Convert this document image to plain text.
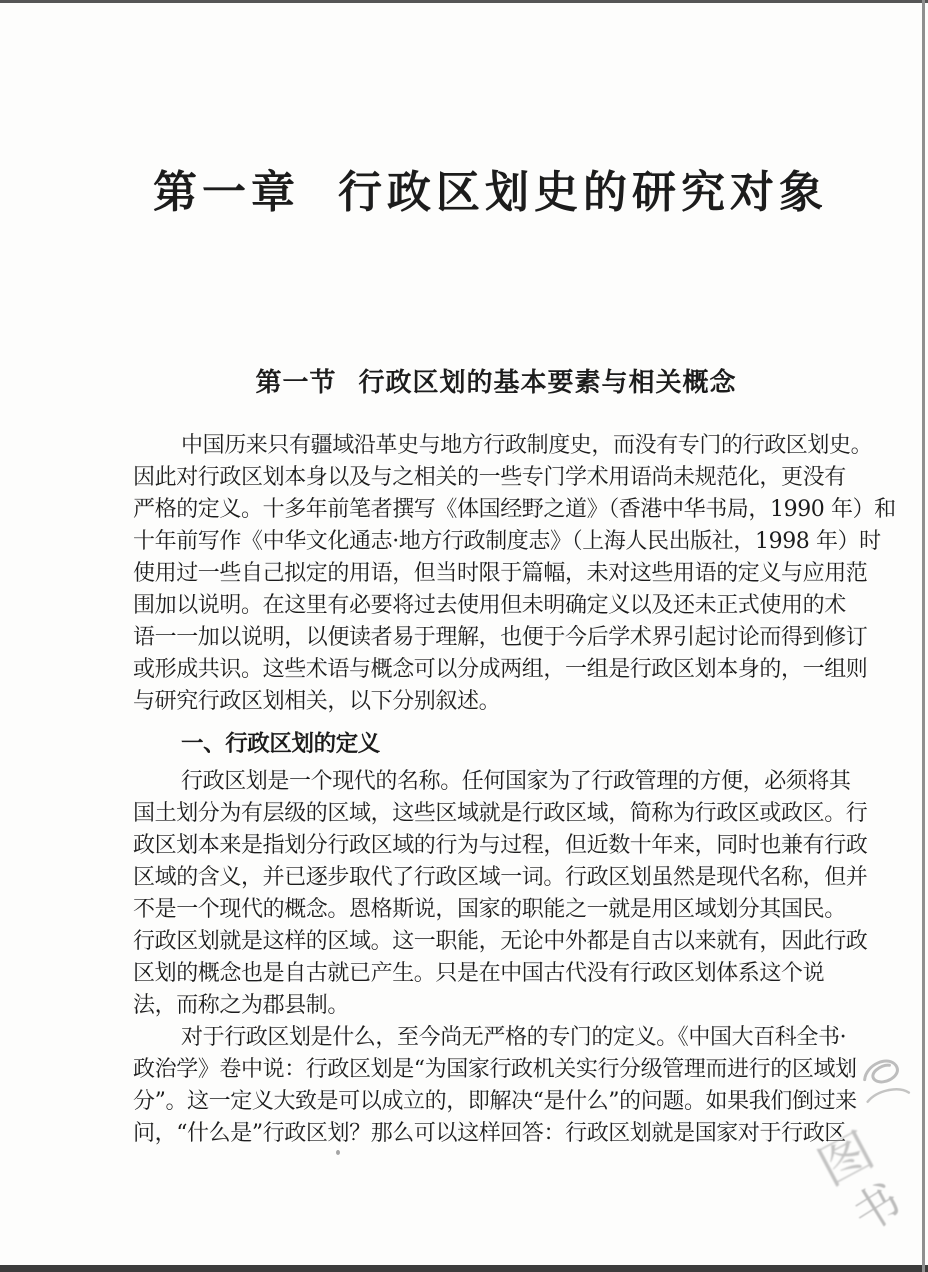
第一章 行政区划史的研究对象
第一节 行政区划的基本要素与相关概念
中国历来只有疆域沿革史与地方行政制度史，而没有专门的行政区划史。
因此对行政区划本身以及与之相关的一些专门学术用语尚未规范化，更没有
严格的定义。十多年前笔者撰写《体国经野之道》（香港中华书局，1990 年）和
十年前写作《中华文化通志·地方行政制度志》（上海人民出版社，1998 年）时
使用过一些自己拟定的用语，但当时限于篇幅，未对这些用语的定义与应用范
围加以说明。在这里有必要将过去使用但未明确定义以及还未正式使用的术
语一一加以说明，以便读者易于理解，也便于今后学术界引起讨论而得到修订
或形成共识。这些术语与概念可以分成两组，一组是行政区划本身的，一组则
与研究行政区划相关，以下分别叙述。
一、行政区划的定义
行政区划是一个现代的名称。任何国家为了行政管理的方便，必须将其
国土划分为有层级的区域，这些区域就是行政区域，简称为行政区或政区。行
政区划本来是指划分行政区域的行为与过程，但近数十年来，同时也兼有行政
区域的含义，并已逐步取代了行政区域一词。行政区划虽然是现代名称，但并
不是一个现代的概念。恩格斯说，国家的职能之一就是用区域划分其国民。
行政区划就是这样的区域。这一职能，无论中外都是自古以来就有，因此行政
区划的概念也是自古就已产生。只是在中国古代没有行政区划体系这个说
法，而称之为郡县制。
对于行政区划是什么，至今尚无严格的专门的定义。《中国大百科全书·
政治学》卷中说：行政区划是“为国家行政机关实行分级管理而进行的区域划
分”。这一定义大致是可以成立的，即解决“是什么”的问题。如果我们倒过来
问，“什么是”行政区划？那么可以这样回答：行政区划就是国家对于行政区
图
书
